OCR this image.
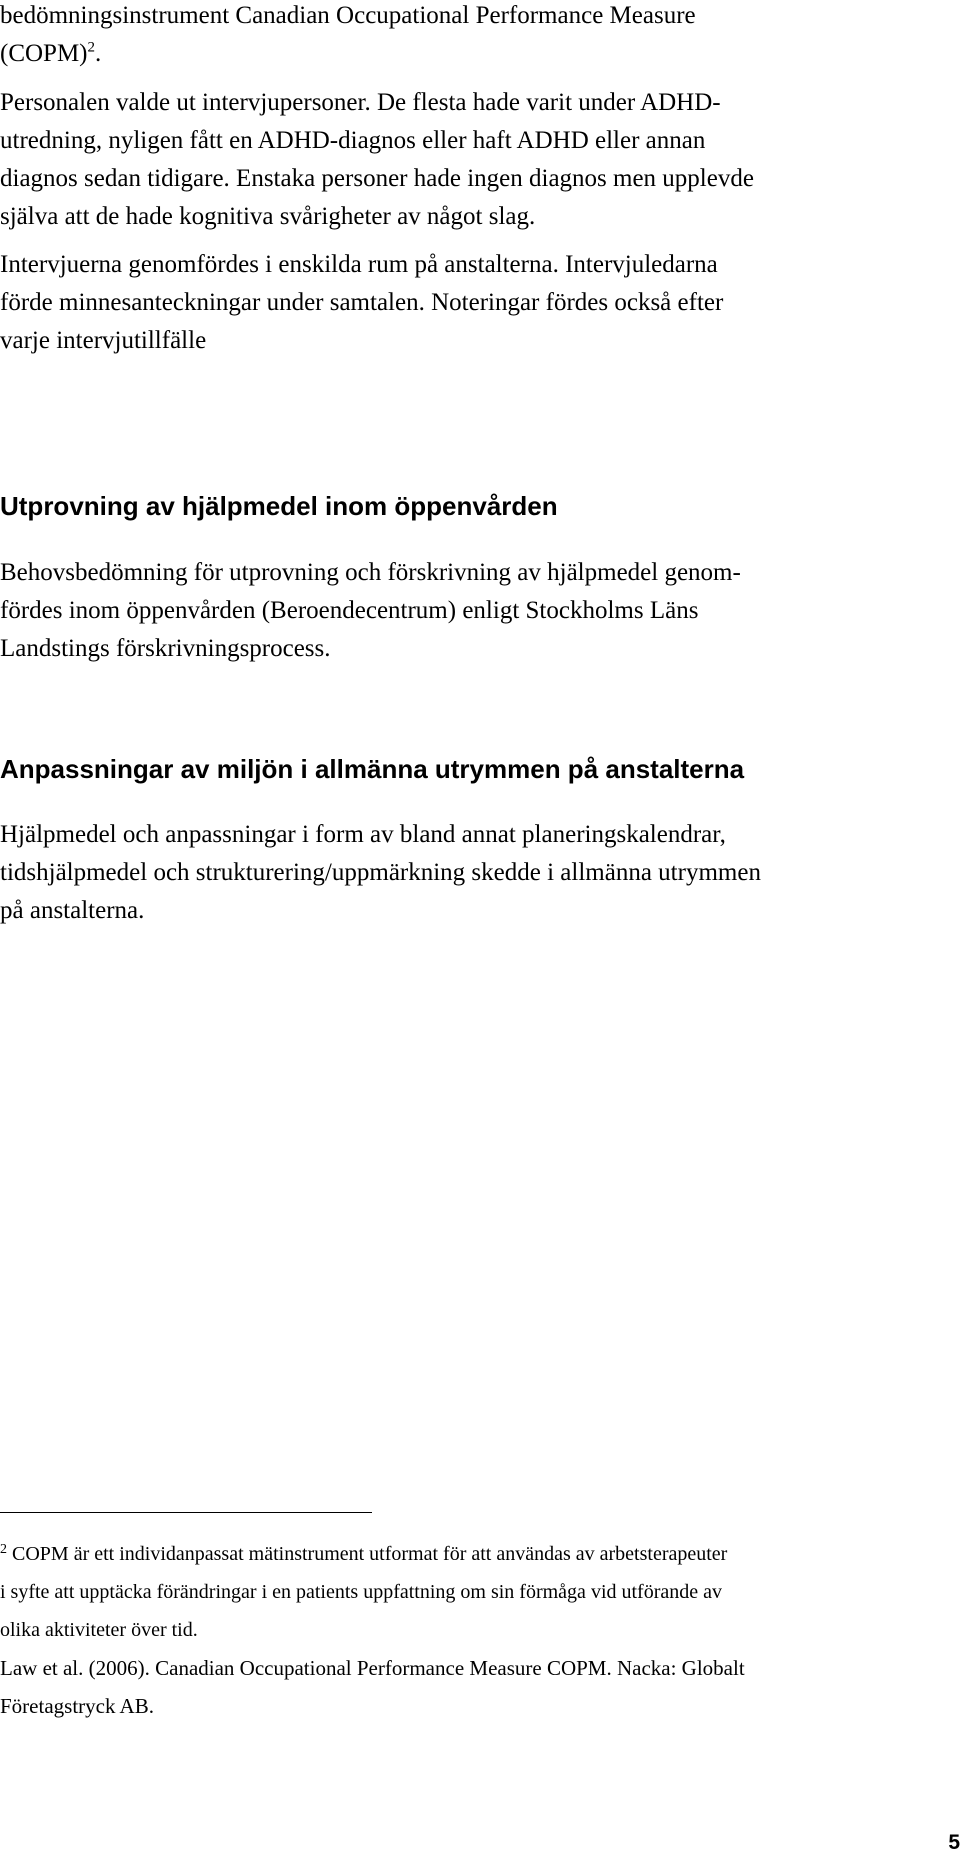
bedömningsinstrument Canadian Occupational Performance Measure
(COPM)$^2$.
Personalen valde ut intervjupersoner. De flesta hade varit under ADHD-
utredning, nyligen fått en ADHD-diagnos eller haft ADHD eller annan
diagnos sedan tidigare. Enstaka personer hade ingen diagnos men upplevde
själva att de hade kognitiva svårigheter av något slag.
Intervjuerna genomfördes i enskilda rum på anstalterna. Intervjuledarna
förde minnesanteckningar under samtalen. Noteringar fördes också efter
varje intervjutillfälle
Utprovning av hjälpmedel inom öppenvården
Behovsbedömning för utprovning och förskrivning av hjälpmedel genom-
fördes inom öppenvården (Beroendecentrum) enligt Stockholms Läns
Landstings förskrivningsprocess.
Anpassningar av miljön i allmänna utrymmen på anstalterna
Hjälpmedel och anpassningar i form av bland annat planeringskalendrar,
tidshjälpmedel och strukturering/uppmärkning skedde i allmänna utrymmen
på anstalterna.
$^2$ COPM är ett individanpassat mätinstrument utformat för att användas av arbetsterapeuter
i syfte att upptäcka förändringar i en patients uppfattning om sin förmåga vid utförande av
olika aktiviteter över tid.
Law et al. (2006). Canadian Occupational Performance Measure COPM. Nacka: Globalt
Företagstryck AB.
5
